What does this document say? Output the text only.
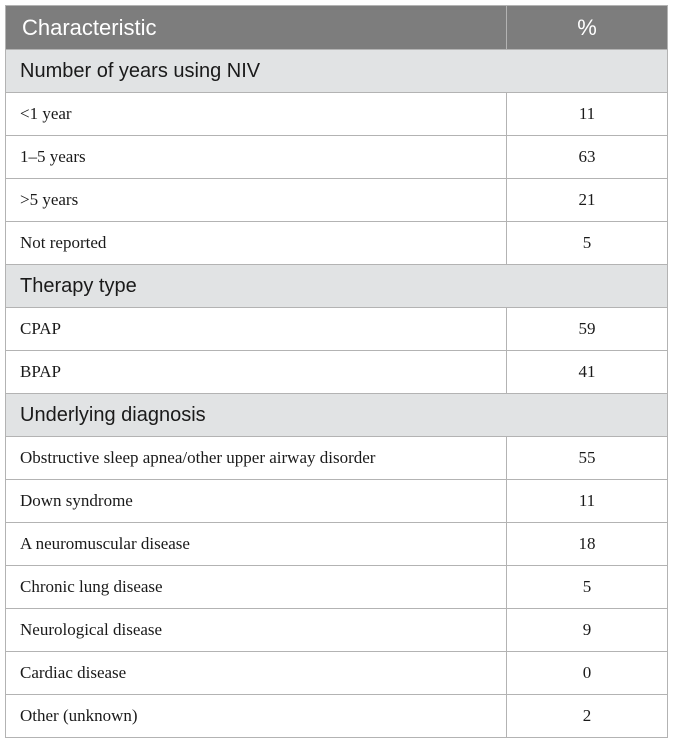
Characteristic	%
Number of years using NIV	
<1 year	11
1–5 years	63
>5 years	21
Not reported	5
Therapy type	
CPAP	59
BPAP	41
Underlying diagnosis	
Obstructive sleep apnea/other upper airway disorder	55
Down syndrome	11
A neuromuscular disease	18
Chronic lung disease	5
Neurological disease	9
Cardiac disease	0
Other (unknown)	2
